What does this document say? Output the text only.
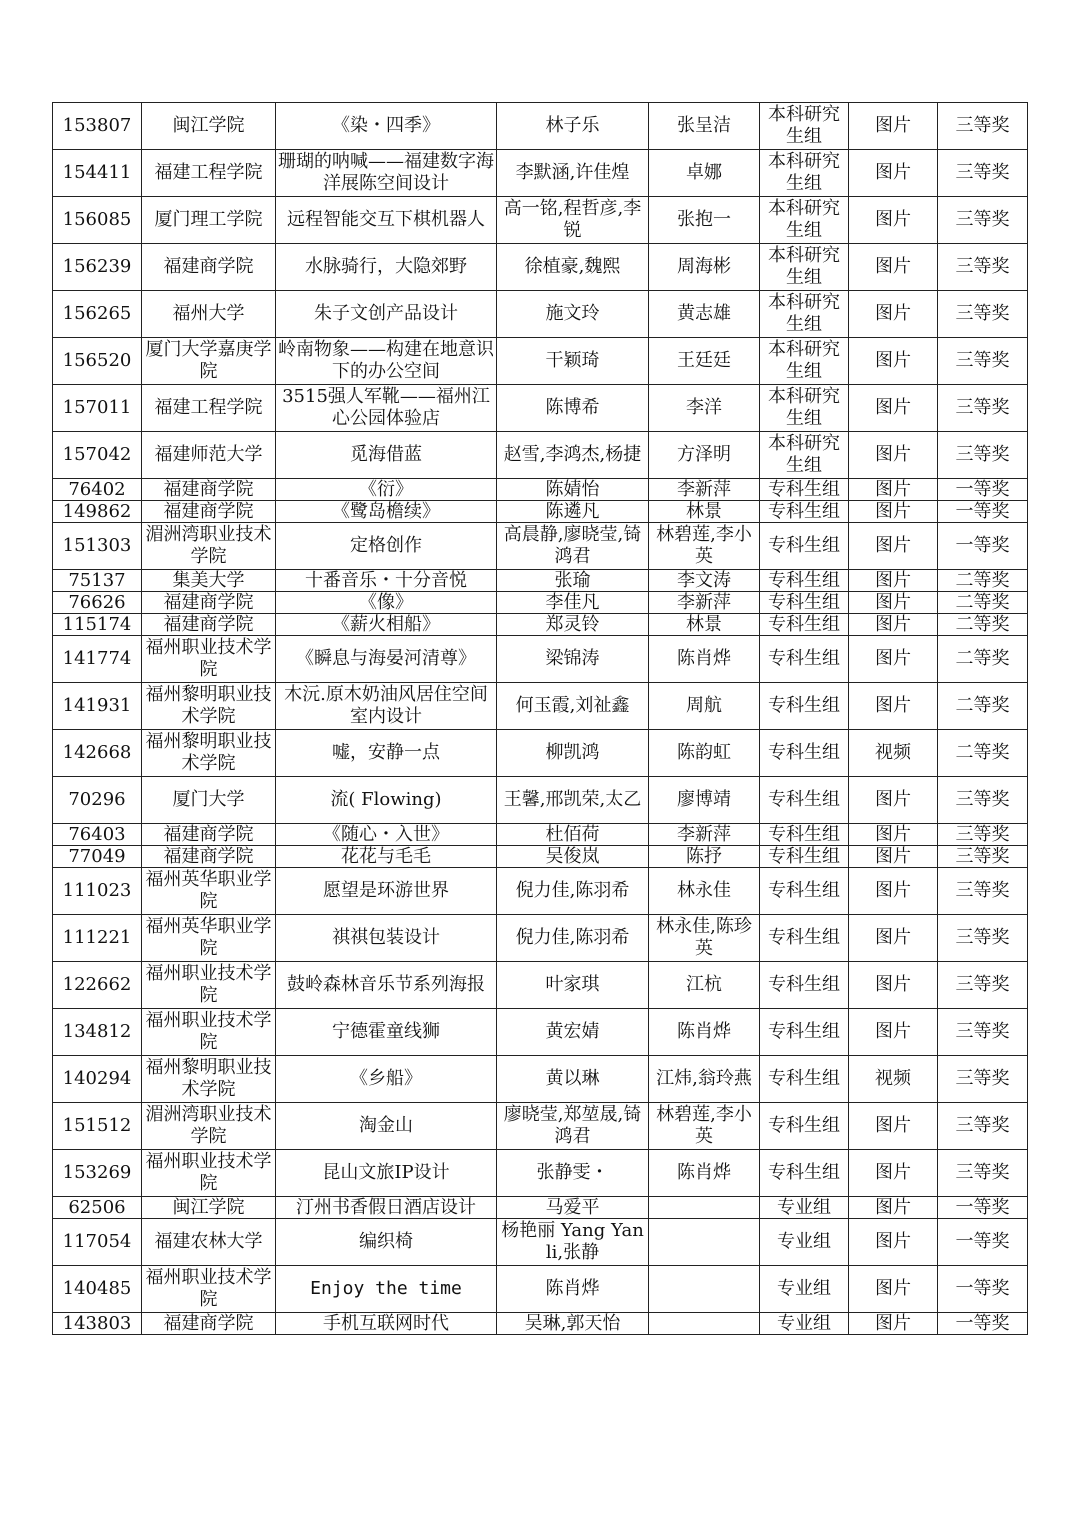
153807	闽江学院	《染・四季》	林子乐	张呈洁	本科研究生组	图片	三等奖
154411	福建工程学院	珊瑚的呐喊——福建数字海洋展陈空间设计	李默涵,许佳煌	卓娜	本科研究生组	图片	三等奖
156085	厦门理工学院	远程智能交互下棋机器人	高一铭,程哲彦,李锐	张抱一	本科研究生组	图片	三等奖
156239	福建商学院	水脉骑行，大隐郊野	徐植豪,魏熙	周海彬	本科研究生组	图片	三等奖
156265	福州大学	朱子文创产品设计	施文玲	黄志雄	本科研究生组	图片	三等奖
156520	厦门大学嘉庚学院	岭南物象——构建在地意识下的办公空间	干颖琦	王廷廷	本科研究生组	图片	三等奖
157011	福建工程学院	3515强人军靴——福州江心公园体验店	陈博希	李洋	本科研究生组	图片	三等奖
157042	福建师范大学	觅海借蓝	赵雪,李鸿杰,杨捷	方泽明	本科研究生组	图片	三等奖
76402	福建商学院	《衍》	陈婧怡	李新萍	专科生组	图片	一等奖
149862	福建商学院	《鹭岛檐续》	陈遴凡	林景	专科生组	图片	一等奖
151303	湄洲湾职业技术学院	定格创作	高晨静,廖晓莹,锜鸿君	林碧莲,李小英	专科生组	图片	一等奖
75137	集美大学	十番音乐・十分音悦	张瑜	李文涛	专科生组	图片	二等奖
76626	福建商学院	《像》	李佳凡	李新萍	专科生组	图片	二等奖
115174	福建商学院	《薪火相船》	郑灵铃	林景	专科生组	图片	二等奖
141774	福州职业技术学院	《瞬息与海晏河清尊》	梁锦涛	陈肖烨	专科生组	图片	二等奖
141931	福州黎明职业技术学院	木沅.原木奶油风居住空间室内设计	何玉霞,刘祉鑫	周航	专科生组	图片	二等奖
142668	福州黎明职业技术学院	嘘，安静一点	柳凯鸿	陈韵虹	专科生组	视频	二等奖
70296	厦门大学	流( Flowing)	王馨,邢凯荣,太乙	廖博靖	专科生组	图片	三等奖
76403	福建商学院	《随心・入世》	杜佰荷	李新萍	专科生组	图片	三等奖
77049	福建商学院	花花与毛毛	吴俊岚	陈抒	专科生组	图片	三等奖
111023	福州英华职业学院	愿望是环游世界	倪力佳,陈羽希	林永佳	专科生组	图片	三等奖
111221	福州英华职业学院	祺祺包装设计	倪力佳,陈羽希	林永佳,陈珍英	专科生组	图片	三等奖
122662	福州职业技术学院	鼓岭森林音乐节系列海报	叶家琪	江杭	专科生组	图片	三等奖
134812	福州职业技术学院	宁德霍童线狮	黄宏婧	陈肖烨	专科生组	图片	三等奖
140294	福州黎明职业技术学院	《乡船》	黄以琳	江炜,翁玲燕	专科生组	视频	三等奖
151512	湄洲湾职业技术学院	淘金山	廖晓莹,郑堃晟,锜鸿君	林碧莲,李小英	专科生组	图片	三等奖
153269	福州职业技术学院	昆山文旅IP设计	张静雯・	陈肖烨	专科生组	图片	三等奖
62506	闽江学院	汀州书香假日酒店设计	马爱平		专业组	图片	一等奖
117054	福建农林大学	编织椅	杨艳丽 Yang Yanli,张静		专业组	图片	一等奖
140485	福州职业技术学院	Enjoy the time	陈肖烨		专业组	图片	一等奖
143803	福建商学院	手机互联网时代	吴琳,郭天怡		专业组	图片	一等奖
